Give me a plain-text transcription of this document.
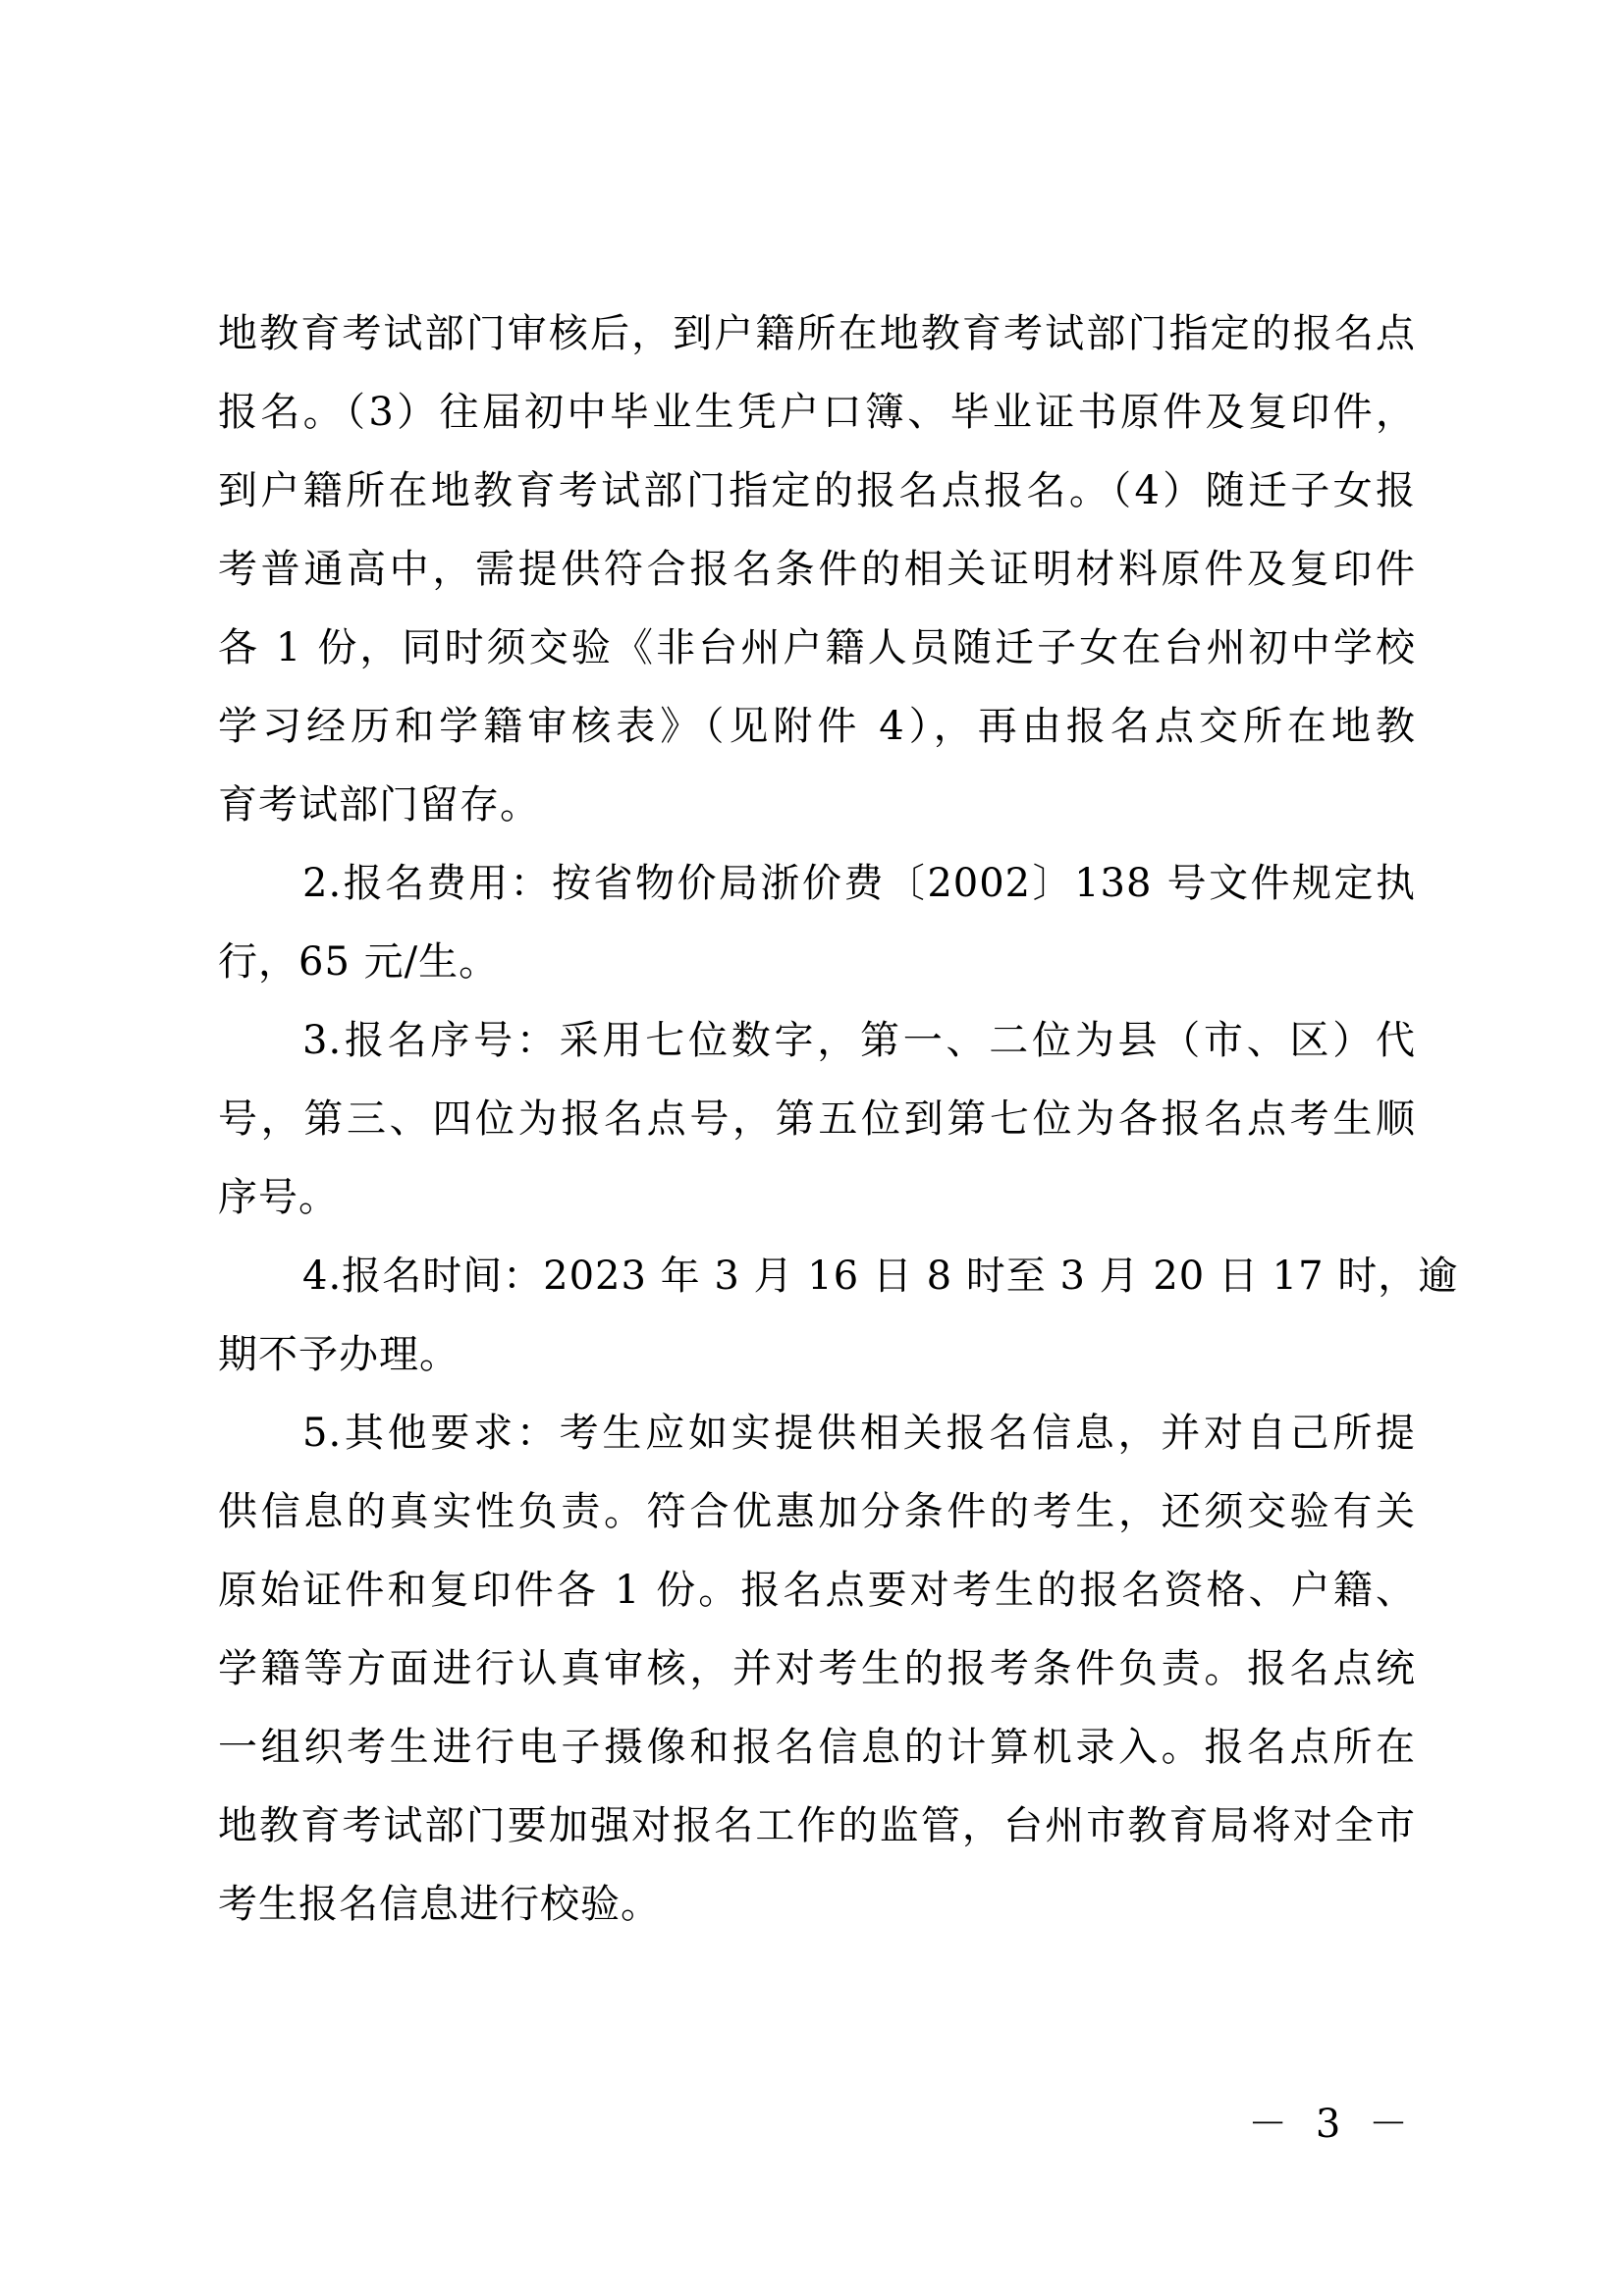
地教育考试部门审核后，到户籍所在地教育考试部门指定的报名点
报名。（3）往届初中毕业生凭户口簿、毕业证书原件及复印件，
到户籍所在地教育考试部门指定的报名点报名。（4）随迁子女报
考普通高中，需提供符合报名条件的相关证明材料原件及复印件
各 1 份，同时须交验《非台州户籍人员随迁子女在台州初中学校
学习经历和学籍审核表》（见附件 4），再由报名点交所在地教
育考试部门留存。
2.报名费用：按省物价局浙价费〔2002〕138 号文件规定执
行，65 元/生。
3.报名序号：采用七位数字，第一、二位为县（市、区）代
号，第三、四位为报名点号，第五位到第七位为各报名点考生顺
序号。
4.报名时间：2023 年 3 月 16 日 8 时至 3 月 20 日 17 时，逾
期不予办理。
5.其他要求：考生应如实提供相关报名信息，并对自己所提
供信息的真实性负责。符合优惠加分条件的考生，还须交验有关
原始证件和复印件各 1 份。报名点要对考生的报名资格、户籍、
学籍等方面进行认真审核，并对考生的报考条件负责。报名点统
一组织考生进行电子摄像和报名信息的计算机录入。报名点所在
地教育考试部门要加强对报名工作的监管，台州市教育局将对全市
考生报名信息进行校验。
－ 3 －
